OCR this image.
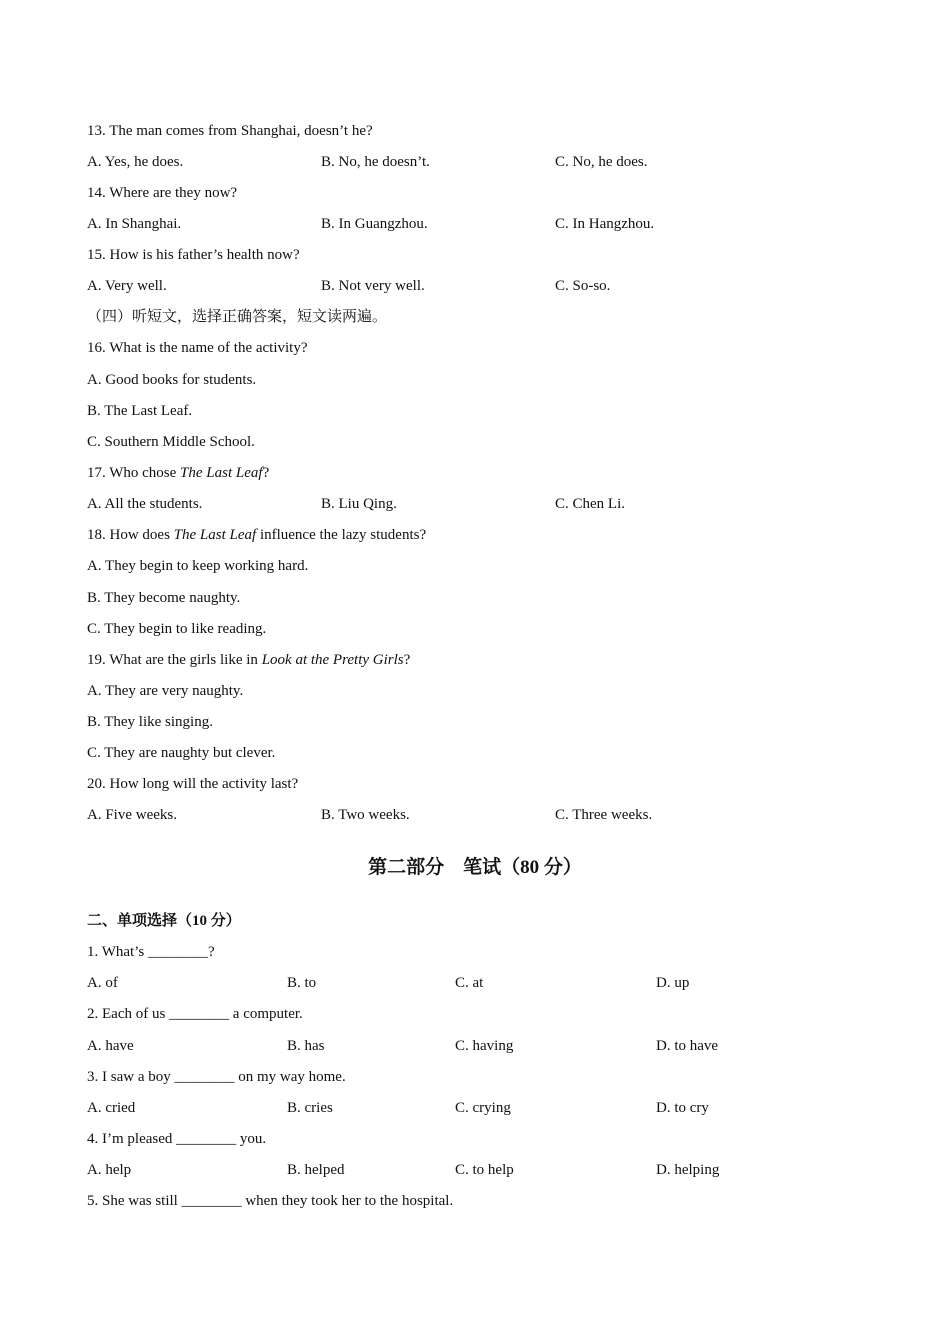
13. The man comes from Shanghai, doesn’t he?
A. Yes, he does.	B. No, he doesn’t.	C. No, he does.
14. Where are they now?
A. In Shanghai.	B. In Guangzhou.	C. In Hangzhou.
15. How is his father’s health now?
A. Very well.	B. Not very well.	C. So-so.
（四）听短文，选择正确答案，短文读两遍。
16. What is the name of the activity?
A. Good books for students.
B. The Last Leaf.
C. Southern Middle School.
17. Who chose The Last Leaf?
A. All the students.	B. Liu Qing.	C. Chen Li.
18. How does The Last Leaf influence the lazy students?
A. They begin to keep working hard.
B. They become naughty.
C. They begin to like reading.
19. What are the girls like in Look at the Pretty Girls?
A. They are very naughty.
B. They like singing.
C. They are naughty but clever.
20. How long will the activity last?
A. Five weeks.	B. Two weeks.	C. Three weeks.
第二部分　笔试（80 分）
二、单项选择（10 分）
1. What’s ________?
A. of	B. to	C. at	D. up
2. Each of us ________ a computer.
A. have	B. has	C. having	D. to have
3. I saw a boy ________ on my way home.
A. cried	B. cries	C. crying	D. to cry
4. I’m pleased ________ you.
A. help	B. helped	C. to help	D. helping
5. She was still ________ when they took her to the hospital.
